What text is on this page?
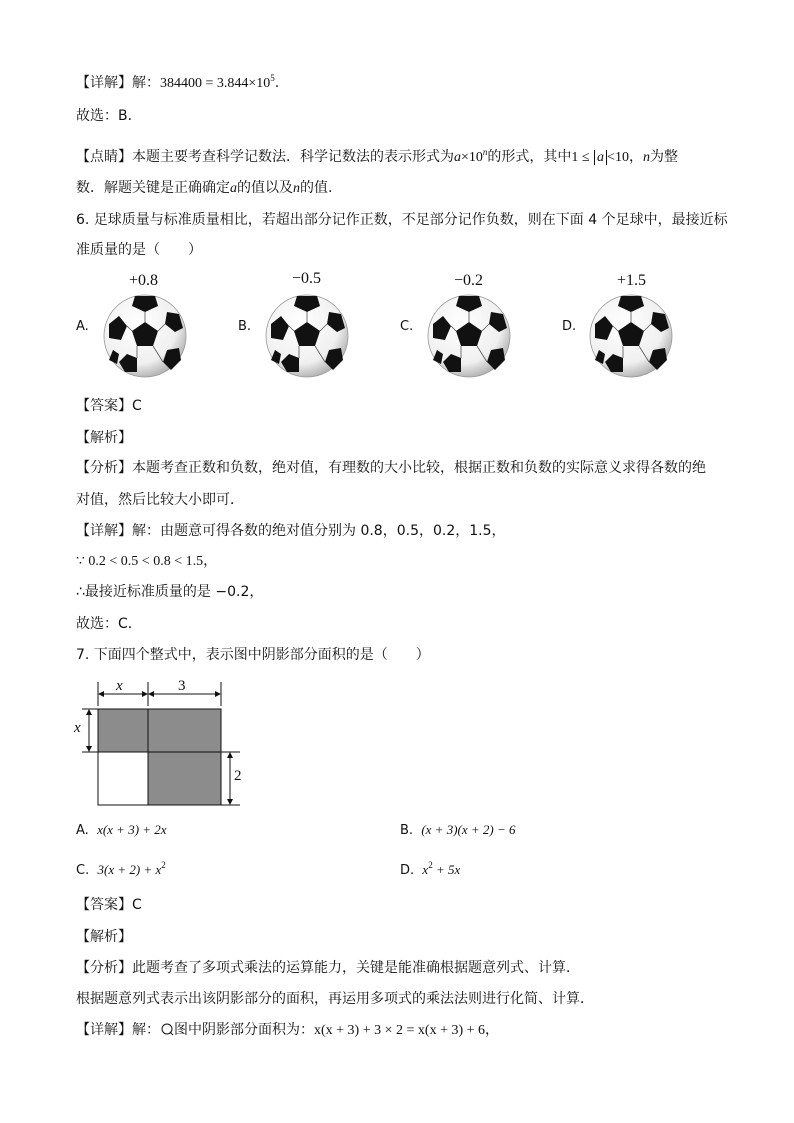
【详解】解：$384400 = 3.844\times 10^5$.
故选：B．
【点睛】本题主要考查科学记数法．科学记数法的表示形式为$a\times 10^n$的形式，其中1 ≤ a <10，n为整
数．解题关键是正确确定a的值以及n的值.
6. 足球质量与标准质量相比，若超出部分记作正数，不足部分记作负数，则在下面 4 个足球中，最接近标
准质量的是（　　）
A.
+0.8
B.
−0.5
C.
−0.2
D.
+1.5
【答案】C
【解析】
【分析】本题考查正数和负数，绝对值，有理数的大小比较，根据正数和负数的实际意义求得各数的绝
对值，然后比较大小即可．
【详解】解：由题意可得各数的绝对值分别为 0.8，0.5，0.2，1.5，
∵ 0.2 < 0.5 < 0.8 < 1.5，
∴最接近标准质量的是 −0.2，
故选：C．
7. 下面四个整式中，表示图中阴影部分面积的是（　　）
x	3
x
2
A. x(x + 3) + 2x	B. (x + 3)(x + 2) − 6
C. $3(x + 2) + x^2$	D. $x^2 + 5x$
【答案】C
【解析】
【分析】此题考查了多项式乘法的运算能力，关键是能准确根据题意列式、计算．
根据题意列式表示出该阴影部分的面积，再运用多项式的乘法法则进行化简、计算．
【详解】解： 图中阴影部分面积为：x(x + 3) + 3 × 2 = x(x + 3) + 6，
